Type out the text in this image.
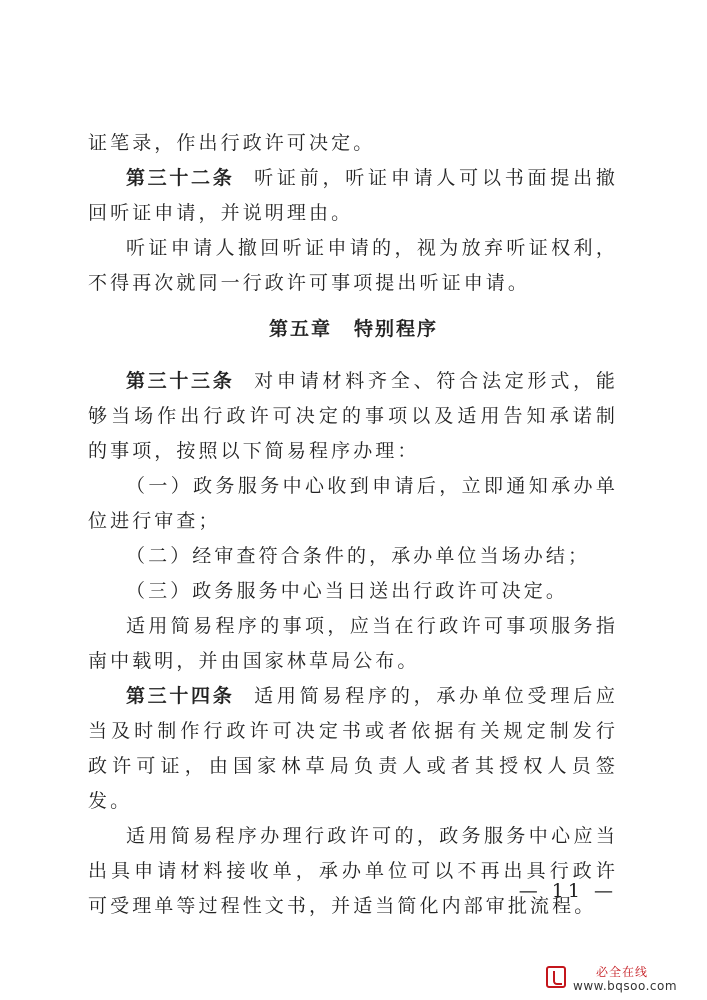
证笔录，作出行政许可决定。

第三十二条 听证前，听证申请人可以书面提出撤回听证申请，并说明理由。

听证申请人撤回听证申请的，视为放弃听证权利，不得再次就同一行政许可事项提出听证申请。

第五章 特别程序

第三十三条 对申请材料齐全、符合法定形式，能够当场作出行政许可决定的事项以及适用告知承诺制的事项，按照以下简易程序办理：

（一）政务服务中心收到申请后，立即通知承办单位进行审查；

（二）经审查符合条件的，承办单位当场办结；

（三）政务服务中心当日送出行政许可决定。

适用简易程序的事项，应当在行政许可事项服务指南中载明，并由国家林草局公布。

第三十四条 适用简易程序的，承办单位受理后应当及时制作行政许可决定书或者依据有关规定制发行政许可证，由国家林草局负责人或者其授权人员签发。

适用简易程序办理行政许可的，政务服务中心应当出具申请材料接收单，承办单位可以不再出具行政许可受理单等过程性文书，并适当简化内部审批流程。

— 11 —
必全在线
www.bqsoo.com
